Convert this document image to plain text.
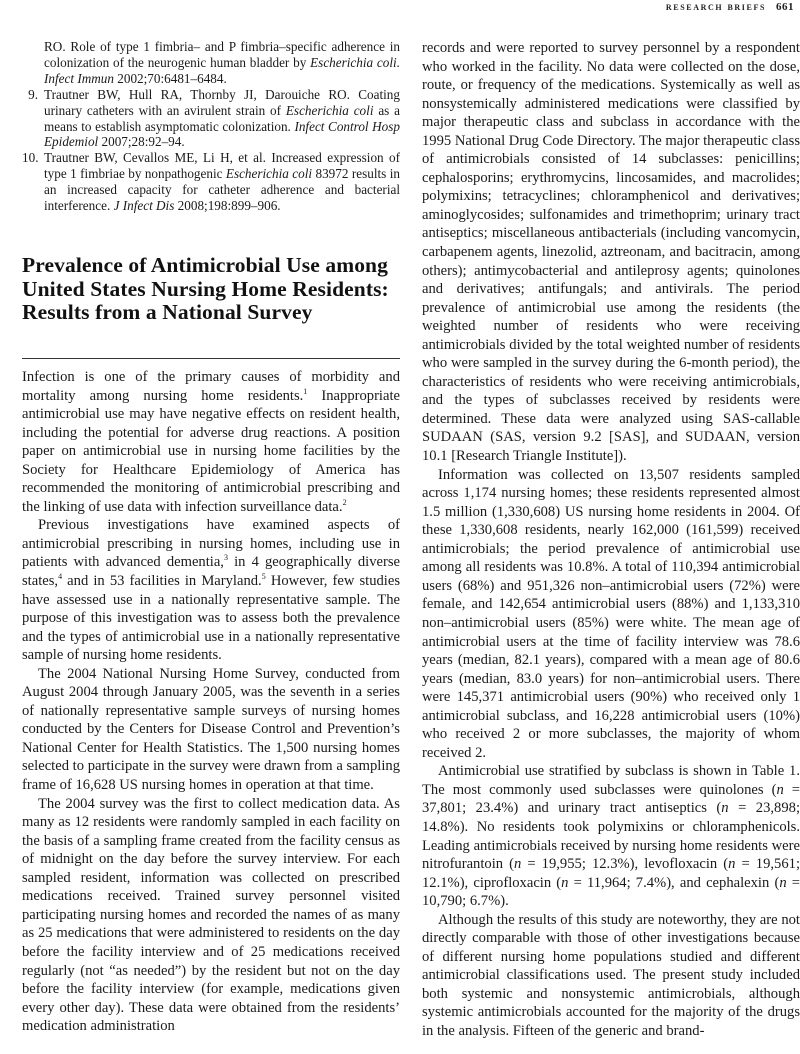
research briefs 661
RO. Role of type 1 fimbria– and P fimbria–specific adherence in colonization of the neurogenic human bladder by Escherichia coli. Infect Immun 2002;70:6481–6484.
9. Trautner BW, Hull RA, Thornby JI, Darouiche RO. Coating urinary catheters with an avirulent strain of Escherichia coli as a means to establish asymptomatic colonization. Infect Control Hosp Epidemiol 2007;28:92–94.
10. Trautner BW, Cevallos ME, Li H, et al. Increased expression of type 1 fimbriae by nonpathogenic Escherichia coli 83972 results in an increased capacity for catheter adherence and bacterial interference. J Infect Dis 2008;198:899–906.
Prevalence of Antimicrobial Use among United States Nursing Home Residents: Results from a National Survey

Infection is one of the primary causes of morbidity and mortality among nursing home residents.$^1$ Inappropriate antimicrobial use may have negative effects on resident health, including the potential for adverse drug reactions. A position paper on antimicrobial use in nursing home facilities by the Society for Healthcare Epidemiology of America has recommended the monitoring of antimicrobial prescribing and the linking of use data with infection surveillance data.$^2$

Previous investigations have examined aspects of antimicrobial prescribing in nursing homes, including use in patients with advanced dementia,$^3$ in 4 geographically diverse states,$^4$ and in 53 facilities in Maryland.$^5$ However, few studies have assessed use in a nationally representative sample. The purpose of this investigation was to assess both the prevalence and the types of antimicrobial use in a nationally representative sample of nursing home residents.

The 2004 National Nursing Home Survey, conducted from August 2004 through January 2005, was the seventh in a series of nationally representative sample surveys of nursing homes conducted by the Centers for Disease Control and Prevention’s National Center for Health Statistics. The 1,500 nursing homes selected to participate in the survey were drawn from a sampling frame of 16,628 US nursing homes in operation at that time.

The 2004 survey was the first to collect medication data. As many as 12 residents were randomly sampled in each facility on the basis of a sampling frame created from the facility census as of midnight on the day before the survey interview. For each sampled resident, information was collected on prescribed medications received. Trained survey personnel visited participating nursing homes and recorded the names of as many as 25 medications that were administered to residents on the day before the facility interview and of 25 medications received regularly (not “as needed”) by the resident but not on the day before the facility interview (for example, medications given every other day). These data were obtained from the residents’ medication administration

records and were reported to survey personnel by a respondent who worked in the facility. No data were collected on the dose, route, or frequency of the medications. Systemically as well as nonsystemically administered medications were classified by major therapeutic class and subclass in accordance with the 1995 National Drug Code Directory. The major therapeutic class of antimicrobials consisted of 14 subclasses: penicillins; cephalosporins; erythromycins, lincosamides, and macrolides; polymixins; tetracyclines; chloramphenicol and derivatives; aminoglycosides; sulfonamides and trimethoprim; urinary tract antiseptics; miscellaneous antibacterials (including vancomycin, carbapenem agents, linezolid, aztreonam, and bacitracin, among others); antimycobacterial and antileprosy agents; quinolones and derivatives; antifungals; and antivirals. The period prevalence of antimicrobial use among the residents (the weighted number of residents who were receiving antimicrobials divided by the total weighted number of residents who were sampled in the survey during the 6-month period), the characteristics of residents who were receiving antimicrobials, and the types of subclasses received by residents were determined. These data were analyzed using SAS-callable SUDAAN (SAS, version 9.2 [SAS], and SUDAAN, version 10.1 [Research Triangle Institute]).

Information was collected on 13,507 residents sampled across 1,174 nursing homes; these residents represented almost 1.5 million (1,330,608) US nursing home residents in 2004. Of these 1,330,608 residents, nearly 162,000 (161,599) received antimicrobials; the period prevalence of antimicrobial use among all residents was 10.8%. A total of 110,394 antimicrobial users (68%) and 951,326 non–antimicrobial users (72%) were female, and 142,654 antimicrobial users (88%) and 1,133,310 non–antimicrobial users (85%) were white. The mean age of antimicrobial users at the time of facility interview was 78.6 years (median, 82.1 years), compared with a mean age of 80.6 years (median, 83.0 years) for non–antimicrobial users. There were 145,371 antimicrobial users (90%) who received only 1 antimicrobial subclass, and 16,228 antimicrobial users (10%) who received 2 or more subclasses, the majority of whom received 2.

Antimicrobial use stratified by subclass is shown in Table 1. The most commonly used subclasses were quinolones (n = 37,801; 23.4%) and urinary tract antiseptics (n = 23,898; 14.8%). No residents took polymixins or chloramphenicols. Leading antimicrobials received by nursing home residents were nitrofurantoin (n = 19,955; 12.3%), levofloxacin (n = 19,561; 12.1%), ciprofloxacin (n = 11,964; 7.4%), and cephalexin (n = 10,790; 6.7%).

Although the results of this study are noteworthy, they are not directly comparable with those of other investigations because of different nursing home populations studied and different antimicrobial classifications used. The present study included both systemic and nonsystemic antimicrobials, although systemic antimicrobials accounted for the majority of the drugs in the analysis. Fifteen of the generic and brand-
